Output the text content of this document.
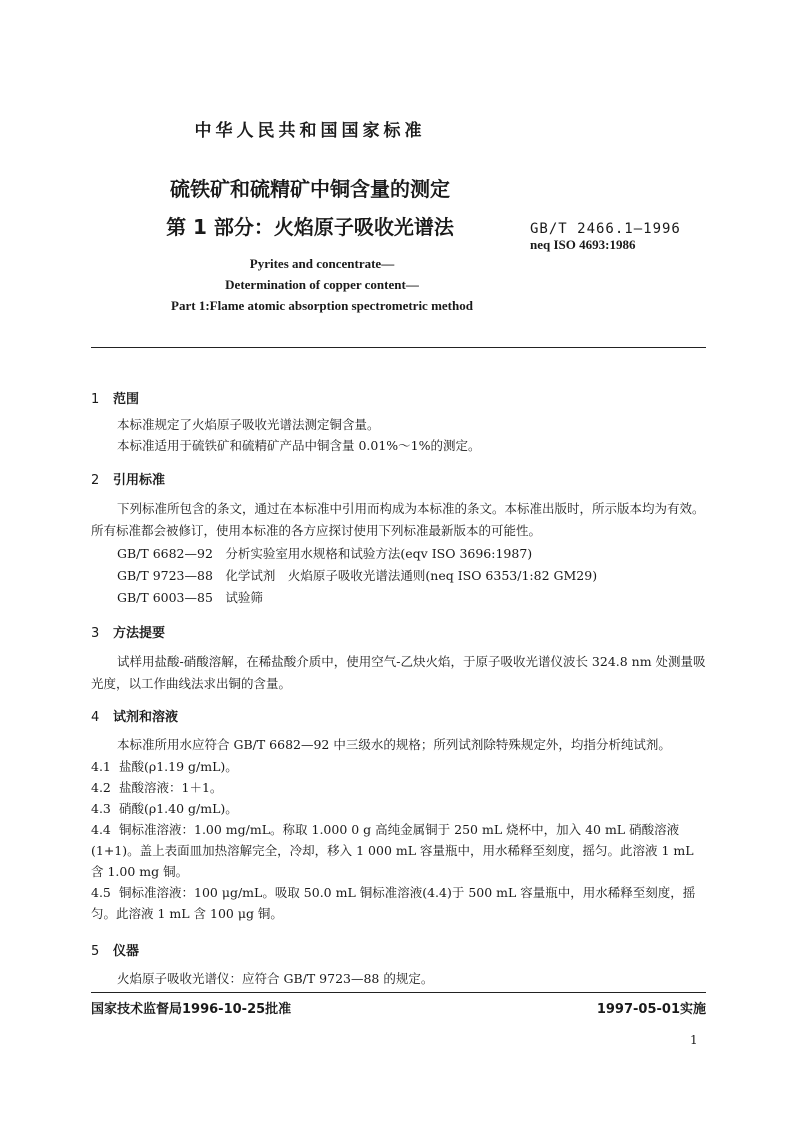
中华人民共和国国家标准
硫铁矿和硫精矿中铜含量的测定
第 1 部分：火焰原子吸收光谱法	GB/T 2466.1—1996
neq ISO 4693:1986
Pyrites and concentrate—
Determination of copper content—
Part 1:Flame atomic absorption spectrometric method
1 范围
本标准规定了火焰原子吸收光谱法测定铜含量。
本标准适用于硫铁矿和硫精矿产品中铜含量 0.01%～1%的测定。
2 引用标准
下列标准所包含的条文，通过在本标准中引用而构成为本标准的条文。本标准出版时，所示版本均为有效。所有标准都会被修订，使用本标准的各方应探讨使用下列标准最新版本的可能性。
GB/T 6682—92　分析实验室用水规格和试验方法(eqv ISO 3696:1987)
GB/T 9723—88　化学试剂　火焰原子吸收光谱法通则(neq ISO 6353/1:82 GM29)
GB/T 6003—85　试验筛
3 方法提要
试样用盐酸-硝酸溶解，在稀盐酸介质中，使用空气-乙炔火焰，于原子吸收光谱仪波长 324.8 nm 处测量吸光度，以工作曲线法求出铜的含量。
4 试剂和溶液
本标准所用水应符合 GB/T 6682—92 中三级水的规格；所列试剂除特殊规定外，均指分析纯试剂。
4.1 盐酸(ρ1.19 g/mL)。
4.2 盐酸溶液：1＋1。
4.3 硝酸(ρ1.40 g/mL)。
4.4 铜标准溶液：1.00 mg/mL。称取 1.000 0 g 高纯金属铜于 250 mL 烧杯中，加入 40 mL 硝酸溶液(1+1)。盖上表面皿加热溶解完全，冷却，移入 1 000 mL 容量瓶中，用水稀释至刻度，摇匀。此溶液 1 mL 含 1.00 mg 铜。
4.5 铜标准溶液：100 μg/mL。吸取 50.0 mL 铜标准溶液(4.4)于 500 mL 容量瓶中，用水稀释至刻度，摇匀。此溶液 1 mL 含 100 μg 铜。
5 仪器
火焰原子吸收光谱仪：应符合 GB/T 9723—88 的规定。
国家技术监督局1996-10-25批准	1997-05-01实施
1
